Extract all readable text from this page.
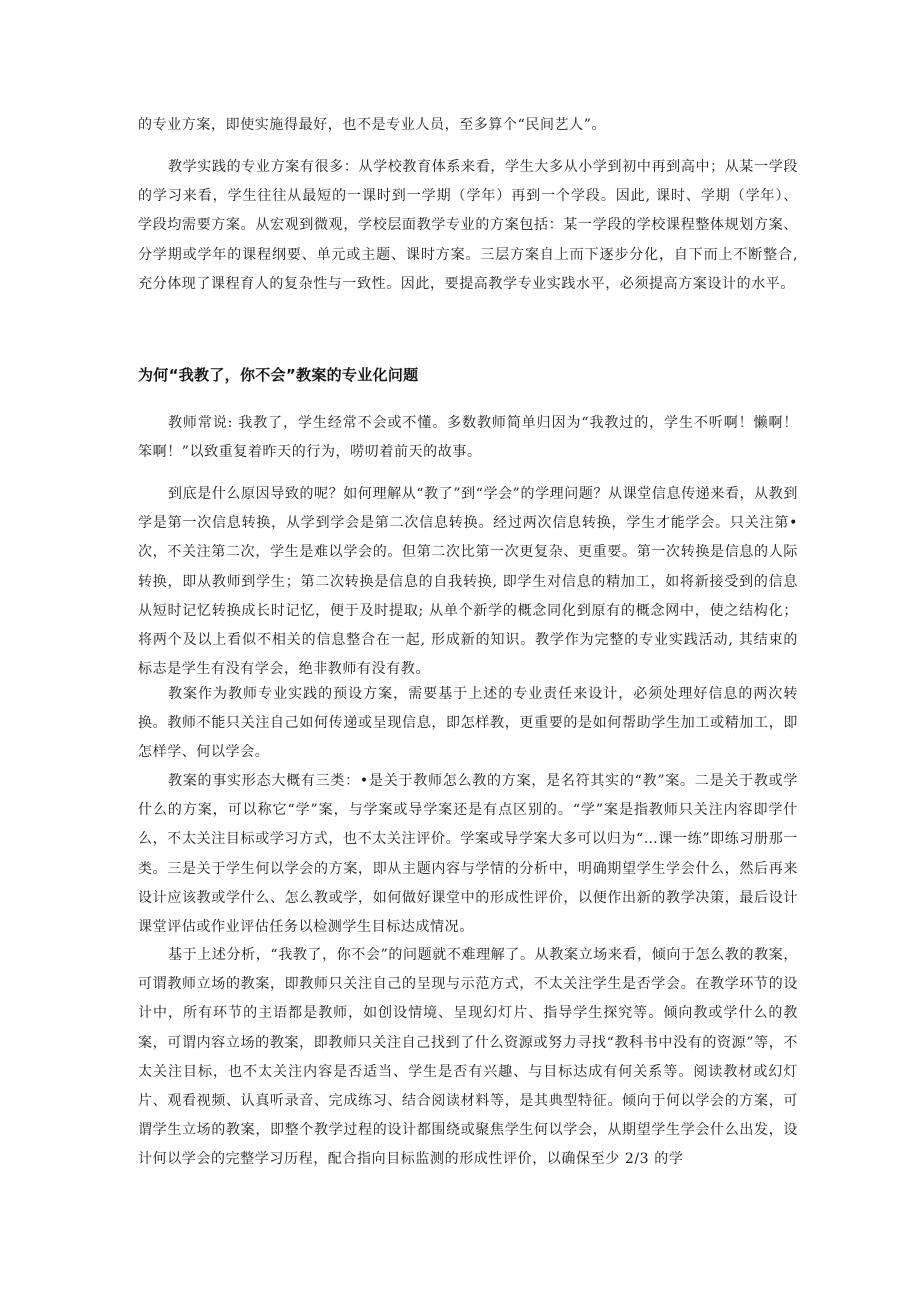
的专业方案，即使实施得最好，也不是专业人员，至多算个“民间艺人”。

教学实践的专业方案有很多：从学校教育体系来看，学生大多从小学到初中再到高中；从某一学段的学习来看，学生往往从最短的一课时到一学期（学年）再到一个学段。因此, 课时、学期（学年）、学段均需要方案。从宏观到微观，学校层面教学专业的方案包括：某一学段的学校课程整体规划方案、分学期或学年的课程纲要、单元或主题、课时方案。三层方案自上而下逐步分化，自下而上不断整合, 充分体现了课程育人的复杂性与一致性。因此，要提高教学专业实践水平，必须提高方案设计的水平。

为何“我教了，你不会”教案的专业化问题

教师常说: 我教了，学生经常不会或不懂。多数教师简单归因为“我教过的，学生不听啊！懒啊！笨啊！”以致重复着昨天的行为，唠叨着前天的故事。

到底是什么原因导致的呢？如何理解从“教了”到“学会”的学理问题？从课堂信息传递来看，从教到学是第一次信息转换，从学到学会是第二次信息转换。经过两次信息转换，学生才能学会。只关注第•次，不关注第二次，学生是难以学会的。但第二次比第一次更复杂、更重要。第一次转换是信息的人际转换，即从教师到学生；第二次转换是信息的自我转换, 即学生对信息的精加工，如将新接受到的信息从短时记忆转换成长时记忆，便于及时提取; 从单个新学的概念同化到原有的概念网中，使之结构化；将两个及以上看似不相关的信息整合在一起, 形成新的知识。教学作为完整的专业实践活动, 其结束的标志是学生有没有学会，绝非教师有没有教。

教案作为教师专业实践的预设方案，需要基于上述的专业责任来设计，必须处理好信息的两次转换。教师不能只关注自己如何传递或呈现信息，即怎样教，更重要的是如何帮助学生加工或精加工，即怎样学、何以学会。

教案的事实形态大概有三类：•是关于教师怎么教的方案，是名符其实的“教”案。二是关于教或学什么的方案，可以称它“学”案，与学案或导学案还是有点区别的。“学”案是指教师只关注内容即学什么，不太关注目标或学习方式，也不太关注评价。学案或导学案大多可以归为“…课一练”即练习册那一类。三是关于学生何以学会的方案，即从主题内容与学情的分析中，明确期望学生学会什么，然后再来设计应该教或学什么、怎么教或学，如何做好课堂中的形成性评价，以便作出新的教学决策，最后设计课堂评估或作业评估任务以检测学生目标达成情况。

基于上述分析，“我教了，你不会”的问题就不难理解了。从教案立场来看，倾向于怎么教的教案，可谓教师立场的教案，即教师只关注自己的呈现与示范方式，不太关注学生是否学会。在教学环节的设计中，所有环节的主语都是教师，如创设情境、呈现幻灯片、指导学生探究等。倾向教或学什么的教案，可谓内容立场的教案，即教师只关注自己找到了什么资源或努力寻找“教科书中没有的资源”等，不太关注目标，也不太关注内容是否适当、学生是否有兴趣、与目标达成有何关系等。阅读教材或幻灯片、观看视频、认真听录音、完成练习、结合阅读材料等，是其典型特征。倾向于何以学会的方案，可谓学生立场的教案，即整个教学过程的设计都围绕或聚焦学生何以学会，从期望学生学会什么出发，设计何以学会的完整学习历程，配合指向目标监测的形成性评价，以确保至少 2/3 的学
